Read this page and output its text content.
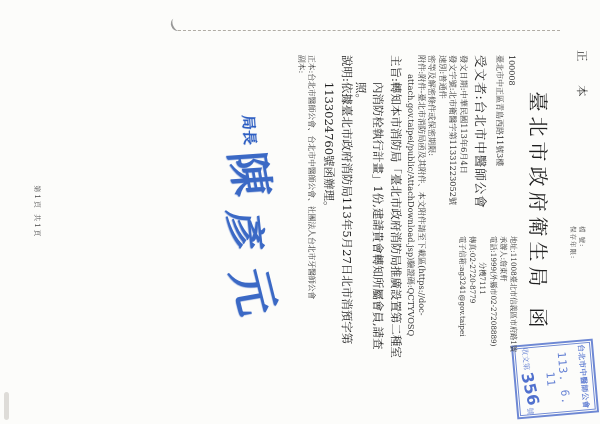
正 本
檔 號:
保存年限:
台北市中醫師公會
113. 6. 11
收文第
356
號
臺北市政府衛生局函
地址:11008臺北市信義區市府路1號
承辦人:詹東軒
電話:1999(外縣市02-27208889)
分機7111
傳真:02-2720-8779
電子信箱:ag3241@gov.taipei
100008
臺北市中正區青島西路11號3樓
受文者:台北市中醫師公會
發文日期:中華民國113年6月4日
發文字號:北市衛醫字第11331223052號
速別:普通件
密等及解密條件或保密期限:
附件:
附件-臺北市消防局函及其附件、本文附件請至下載區(https://doc-attach.gov.taipei/public/AttachDownload.jsp)驗證碼:QCTYVOSQ
主旨:
轉知本市消防局「臺北市政府消防局推廣設置第二種室內消防栓執行計畫」1份,建請貴會轉知所屬會員,請查照。
說明:
依據臺北市政府消防局113年5月27日北市消預字第1133024760號函辦理。
正本:
台北市醫師公會、台北市中醫師公會、社團法人台北市牙醫師公會
副本:
局長
陳
彥
元
第1頁 共1頁
